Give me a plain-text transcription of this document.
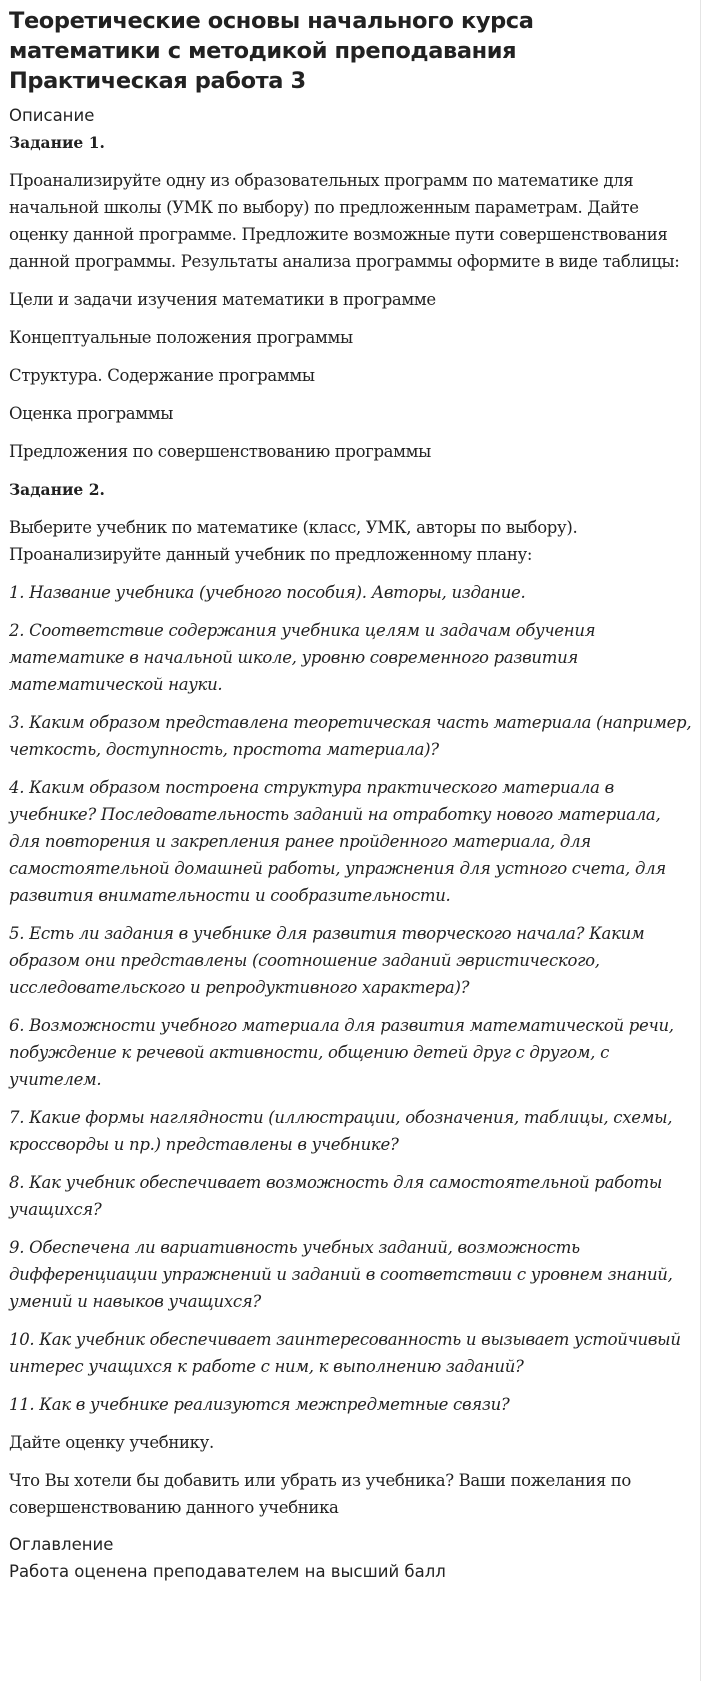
Теоретические основы начального курса математики с методикой преподавания Практическая работа 3
Описание
Задание 1.

Проанализируйте одну из образовательных программ по математике для начальной школы (УМК по выбору) по предложенным параметрам. Дайте оценку данной программе. Предложите возможные пути совершенствования данной программы. Результаты анализа программы оформите в виде таблицы:

Цели и задачи изучения математики в программе

Концептуальные положения программы

Структура. Содержание программы

Оценка программы

Предложения по совершенствованию программы

Задание 2.

Выберите учебник по математике (класс, УМК, авторы по выбору). Проанализируйте данный учебник по предложенному плану:

1. Название учебника (учебного пособия). Авторы, издание.

2. Соответствие содержания учебника целям и задачам обучения математике в начальной школе, уровню современного развития математической науки.

3. Каким образом представлена теоретическая часть материала (например, четкость, доступность, простота материала)?

4. Каким образом построена структура практического материала в учебнике? Последовательность заданий на отработку нового материала, для повторения и закрепления ранее пройденного материала, для самостоятельной домашней работы, упражнения для устного счета, для развития внимательности и сообразительности.

5. Есть ли задания в учебнике для развития творческого начала? Каким образом они представлены (соотношение заданий эвристического, исследовательского и репродуктивного характера)?

6. Возможности учебного материала для развития математической речи, побуждение к речевой активности, общению детей друг с другом, с учителем.

7. Какие формы наглядности (иллюстрации, обозначения, таблицы, схемы, кроссворды и пр.) представлены в учебнике?

8. Как учебник обеспечивает возможность для самостоятельной работы учащихся?

9. Обеспечена ли вариативность учебных заданий, возможность дифференциации упражнений и заданий в соответствии с уровнем знаний, умений и навыков учащихся?

10. Как учебник обеспечивает заинтересованность и вызывает устойчивый интерес учащихся к работе с ним, к выполнению заданий?

11. Как в учебнике реализуются межпредметные связи?

Дайте оценку учебнику.

Что Вы хотели бы добавить или убрать из учебника? Ваши пожелания по совершенствованию данного учебника

Оглавление
Работа оценена преподавателем на высший балл
